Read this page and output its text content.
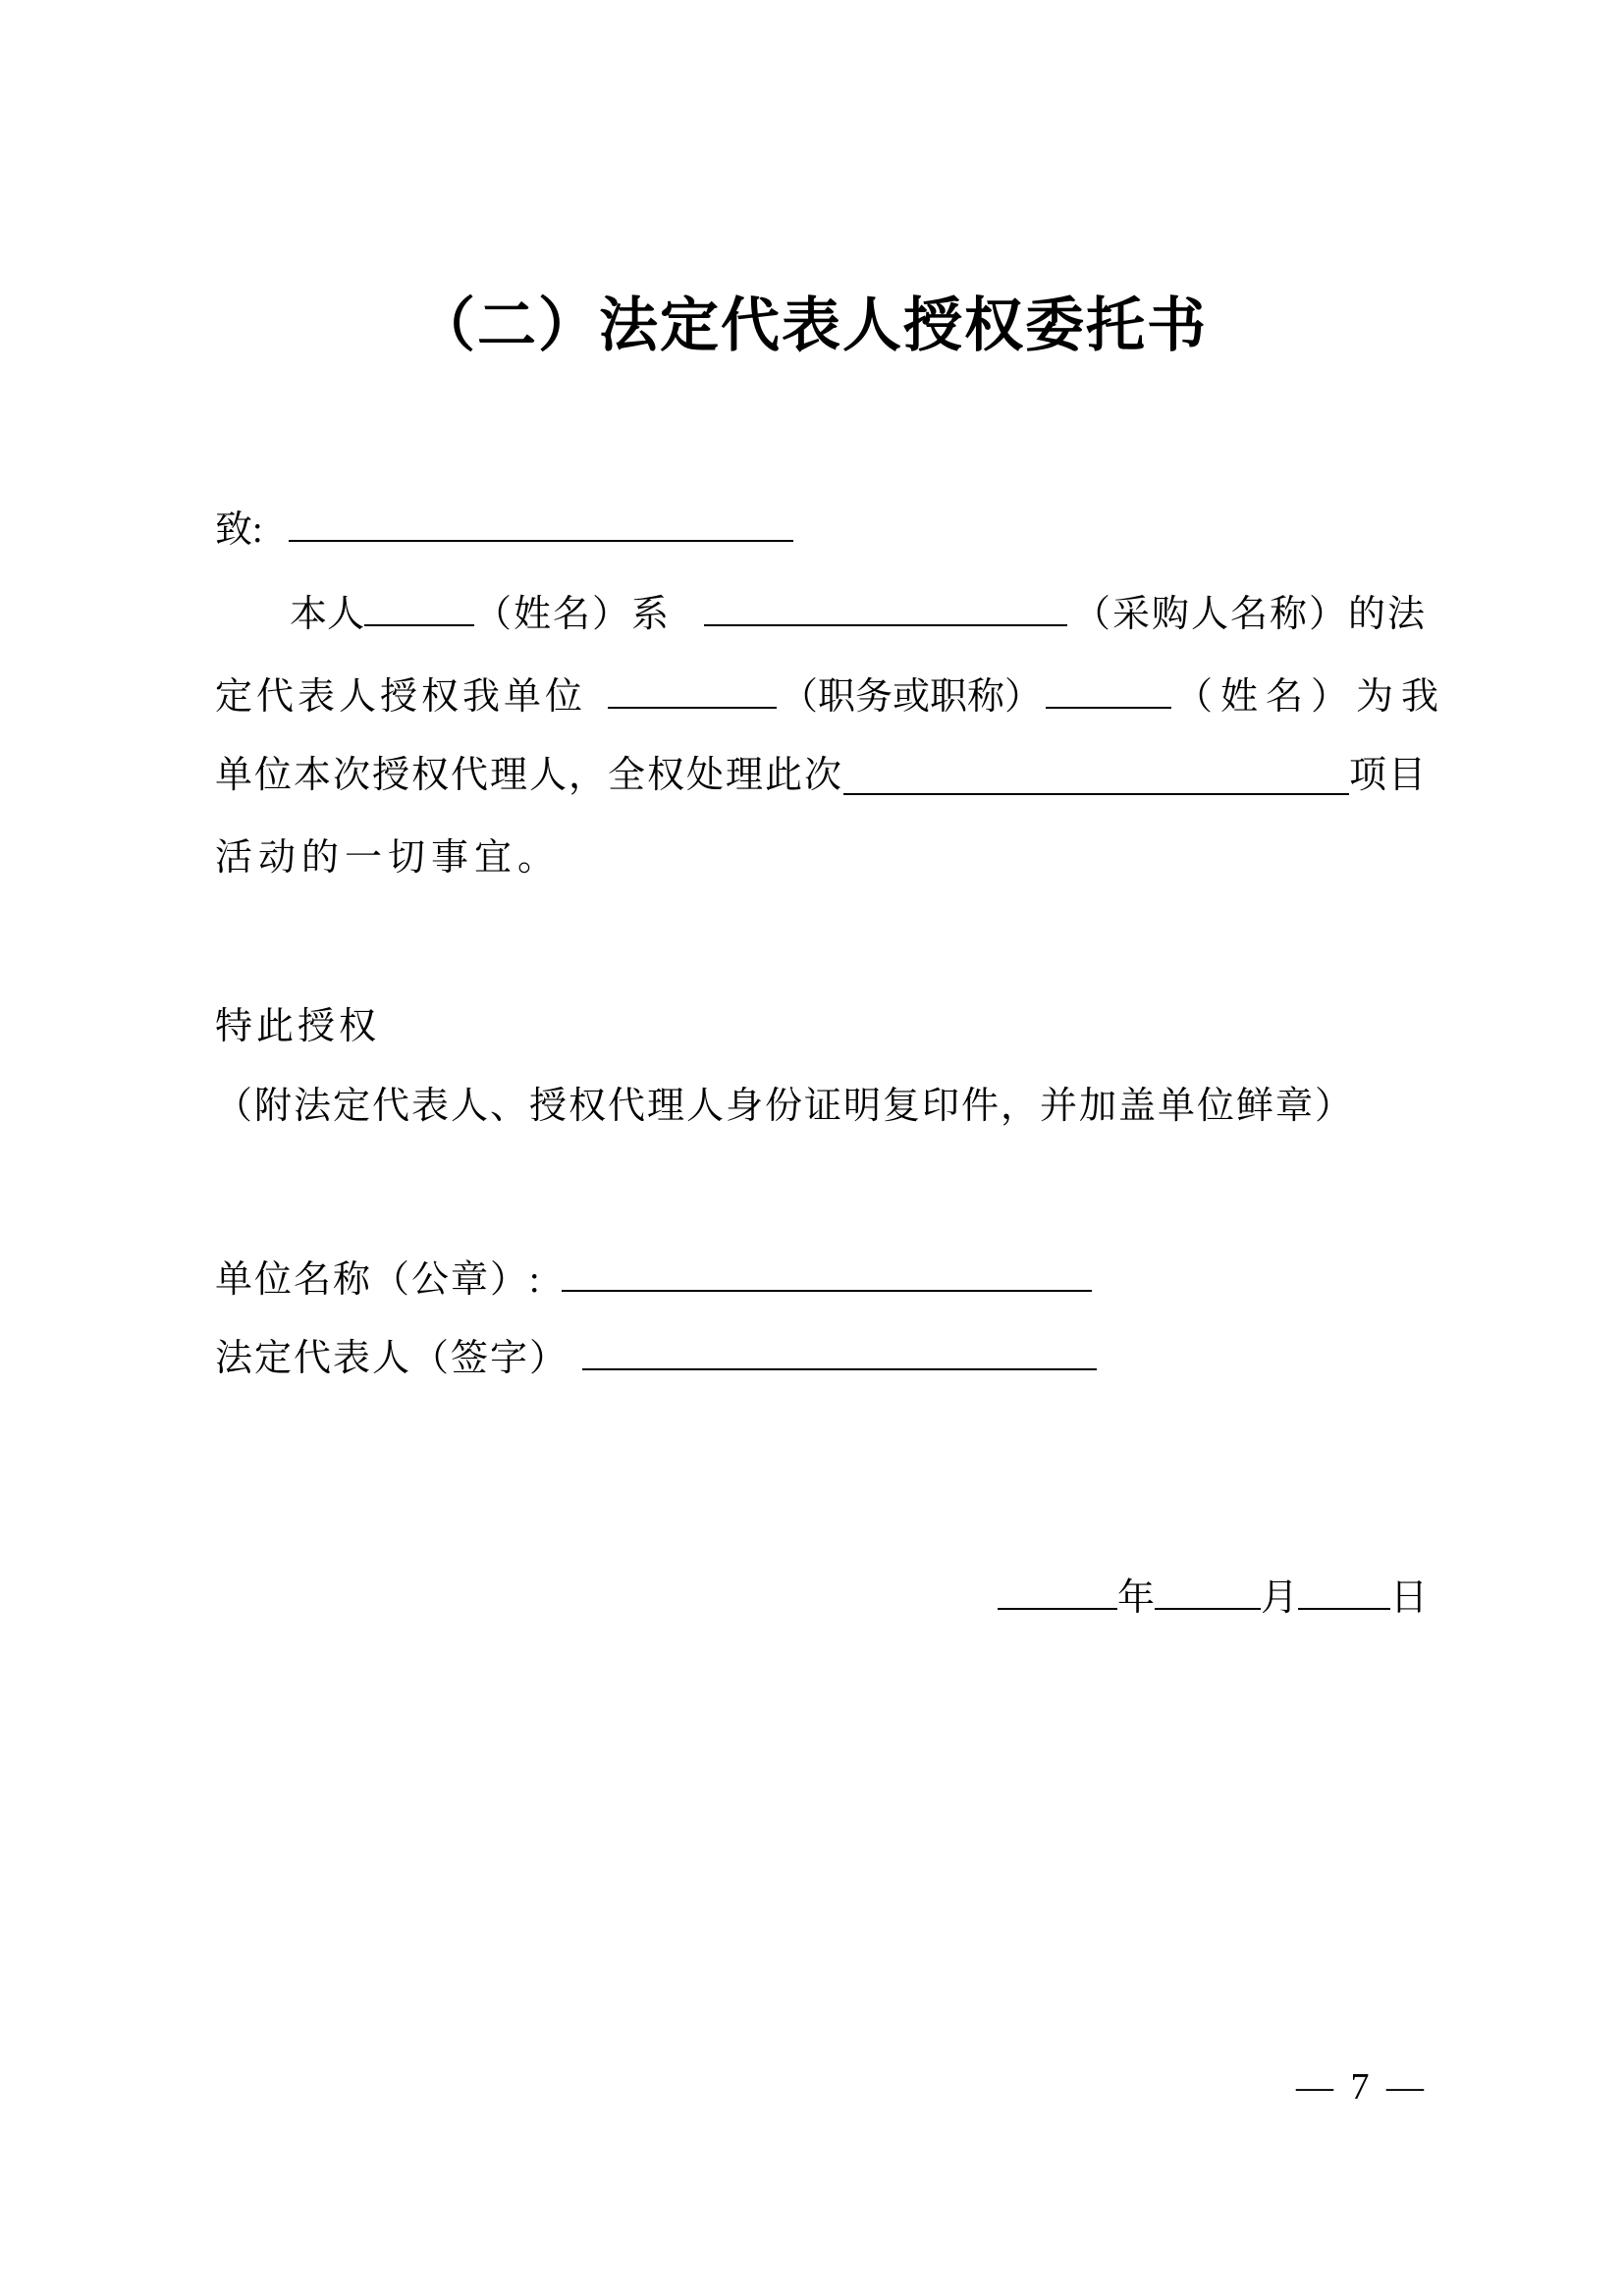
（二）法定代表人授权委托书
致:
本人	（姓名）系	（采购人名称）的法
定代表人授权我单位	（职务或职称）	（姓名）为我
单位本次授权代理人，全权处理此次	项目
活动的一切事宜。
特此授权
（附法定代表人、授权代理人身份证明复印件，并加盖单位鲜章）
单位名称（公章）:
法定代表人（签字）
年	月 日
— 7 —
